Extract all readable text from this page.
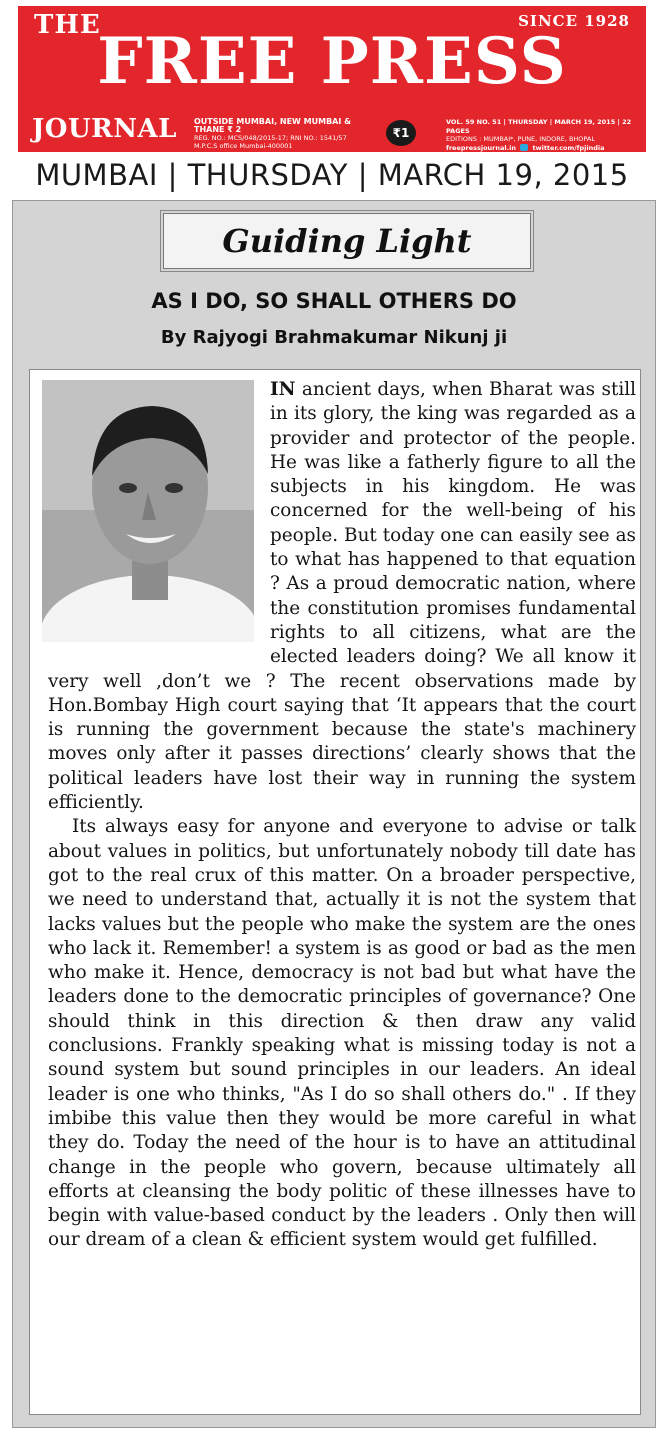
THE	SINCE 1928
FREE PRESS
JOURNAL OUTSIDE MUMBAI, NEW MUMBAI & THANE ₹ 2
REG. NO.: MCS/048/2015-17; RNI NO.: 1541/57
M.P.C.S office Mumbai-400001
₹1
VOL. 59 NO. 51 | THURSDAY | MARCH 19, 2015 | 22 PAGES
EDITIONS : MUMBAI*, PUNE, INDORE, BHOPAL
freepressjournal.in	twitter.com/fpjindia
MUMBAI | THURSDAY | MARCH 19, 2015
Guiding Light
AS I DO, SO SHALL OTHERS DO
By Rajyogi Brahmakumar Nikunj ji

IN ancient days, when Bharat was still in its glory, the king was regarded as a provider and protector of the people. He was like a fatherly figure to all the subjects in his kingdom. He was concerned for the well-being of his people. But today one can easily see as to what has happened to that equation ? As a proud democratic nation, where the constitution promises fundamental rights to all citizens, what are the elected leaders doing? We all know it very well ,don’t we ? The recent observations made by Hon.Bombay High court saying that ‘It appears that the court is running the government because the state's machinery moves only after it passes directions’ clearly shows that the political leaders have lost their way in running the system efficiently.

Its always easy for anyone and everyone to advise or talk about values in politics, but unfortunately nobody till date has got to the real crux of this matter. On a broader perspective, we need to understand that, actually it is not the system that lacks values but the people who make the system are the ones who lack it. Remember! a system is as good or bad as the men who make it. Hence, democracy is not bad but what have the leaders done to the democratic principles of governance? One should think in this direction & then draw any valid conclusions. Frankly speaking what is missing today is not a sound system but sound principles in our leaders. An ideal leader is one who thinks, "As I do so shall others do." . If they imbibe this value then they would be more careful in what they do. Today the need of the hour is to have an attitudinal change in the people who govern, because ultimately all efforts at cleansing the body politic of these illnesses have to begin with value-based conduct by the leaders . Only then will our dream of a clean & efficient system would get fulfilled.
